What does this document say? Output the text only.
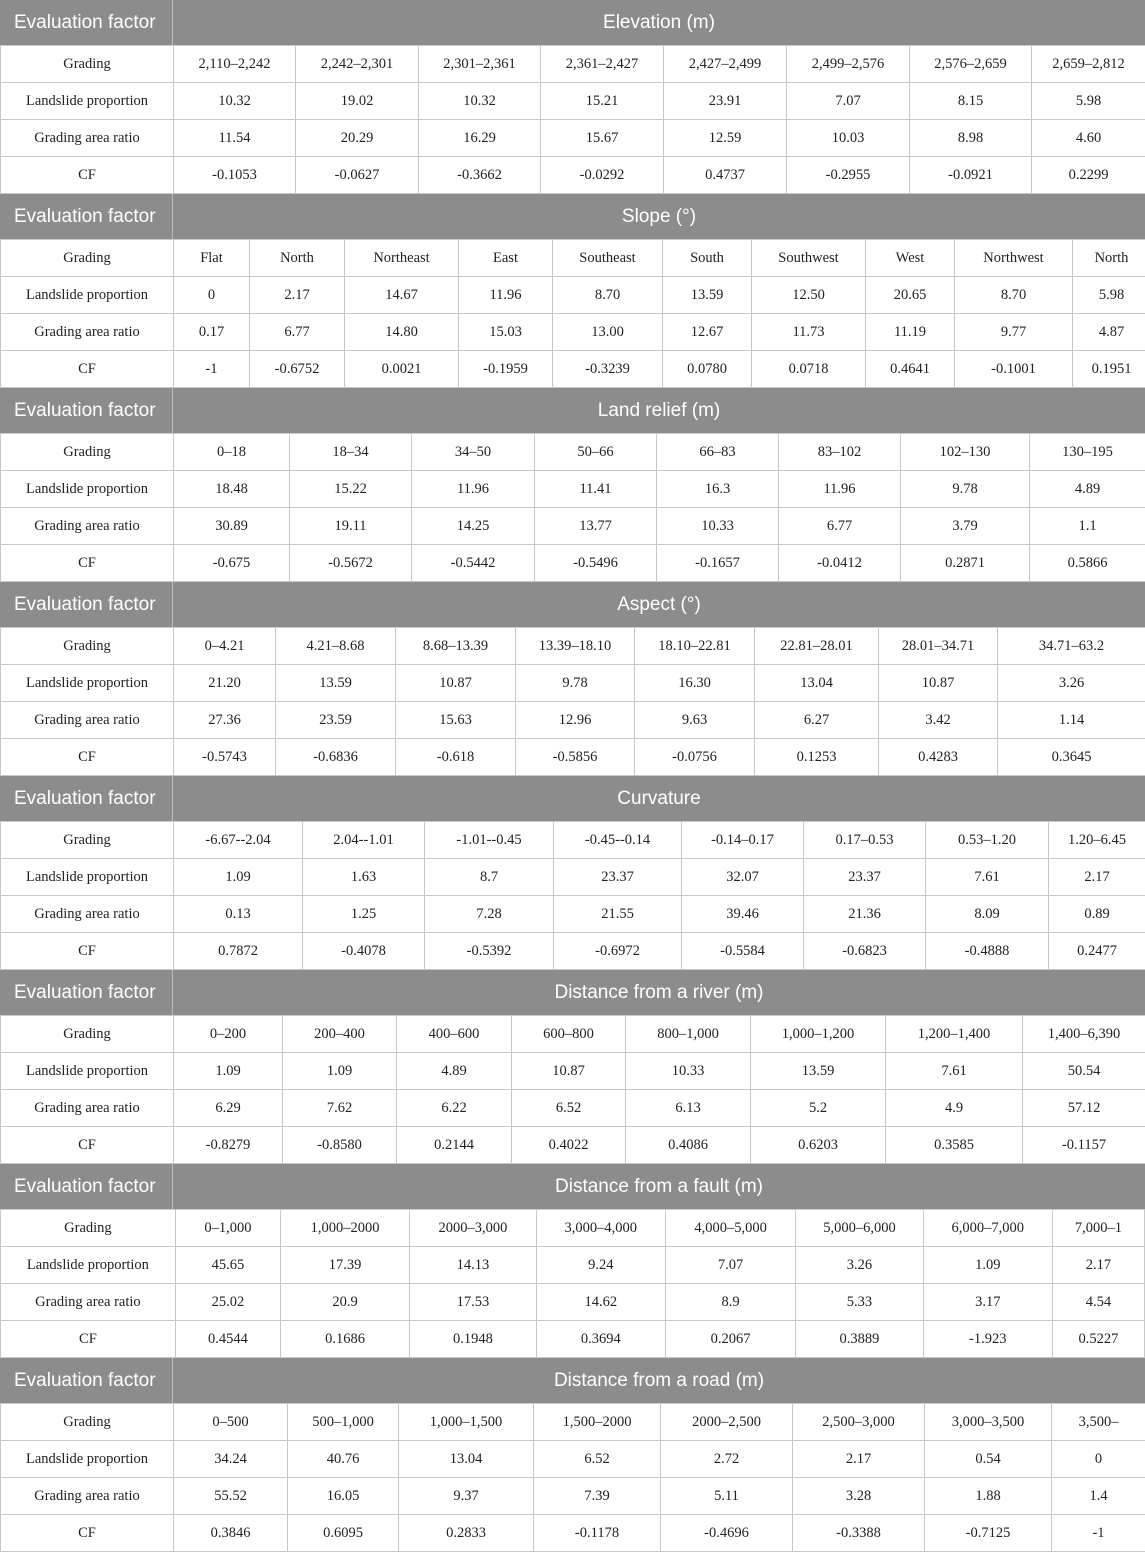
Evaluation factor	Elevation (m)
Grading	2,110–2,242	2,242–2,301	2,301–2,361	2,361–2,427	2,427–2,499	2,499–2,576	2,576–2,659	2,659–2,812
Landslide proportion	10.32	19.02	10.32	15.21	23.91	7.07	8.15	5.98
Grading area ratio	11.54	20.29	16.29	15.67	12.59	10.03	8.98	4.60
CF	-0.1053	-0.0627	-0.3662	-0.0292	0.4737	-0.2955	-0.0921	0.2299
Evaluation factor	Slope (°)
Grading	Flat	North	Northeast	East	Southeast	South	Southwest	West	Northwest	North
Landslide proportion	0	2.17	14.67	11.96	8.70	13.59	12.50	20.65	8.70	5.98
Grading area ratio	0.17	6.77	14.80	15.03	13.00	12.67	11.73	11.19	9.77	4.87
CF	-1	-0.6752	0.0021	-0.1959	-0.3239	0.0780	0.0718	0.4641	-0.1001	0.1951
Evaluation factor	Land relief (m)
Grading	0–18	18–34	34–50	50–66	66–83	83–102	102–130	130–195
Landslide proportion	18.48	15.22	11.96	11.41	16.3	11.96	9.78	4.89
Grading area ratio	30.89	19.11	14.25	13.77	10.33	6.77	3.79	1.1
CF	-0.675	-0.5672	-0.5442	-0.5496	-0.1657	-0.0412	0.2871	0.5866
Evaluation factor	Aspect (°)
Grading	0–4.21	4.21–8.68	8.68–13.39	13.39–18.10	18.10–22.81	22.81–28.01	28.01–34.71	34.71–63.2
Landslide proportion	21.20	13.59	10.87	9.78	16.30	13.04	10.87	3.26
Grading area ratio	27.36	23.59	15.63	12.96	9.63	6.27	3.42	1.14
CF	-0.5743	-0.6836	-0.618	-0.5856	-0.0756	0.1253	0.4283	0.3645
Evaluation factor	Curvature
Grading	-6.67--2.04	2.04--1.01	-1.01--0.45	-0.45--0.14	-0.14–0.17	0.17–0.53	0.53–1.20	1.20–6.45
Landslide proportion	1.09	1.63	8.7	23.37	32.07	23.37	7.61	2.17
Grading area ratio	0.13	1.25	7.28	21.55	39.46	21.36	8.09	0.89
CF	0.7872	-0.4078	-0.5392	-0.6972	-0.5584	-0.6823	-0.4888	0.2477
Evaluation factor	Distance from a river (m)
Grading	0–200	200–400	400–600	600–800	800–1,000	1,000–1,200	1,200–1,400	1,400–6,390
Landslide proportion	1.09	1.09	4.89	10.87	10.33	13.59	7.61	50.54
Grading area ratio	6.29	7.62	6.22	6.52	6.13	5.2	4.9	57.12
CF	-0.8279	-0.8580	0.2144	0.4022	0.4086	0.6203	0.3585	-0.1157
Evaluation factor	Distance from a fault (m)
Grading	0–1,000	1,000–2000	2000–3,000	3,000–4,000	4,000–5,000	5,000–6,000	6,000–7,000	7,000–1
Landslide proportion	45.65	17.39	14.13	9.24	7.07	3.26	1.09	2.17
Grading area ratio	25.02	20.9	17.53	14.62	8.9	5.33	3.17	4.54
CF	0.4544	0.1686	0.1948	0.3694	0.2067	0.3889	-1.923	0.5227
Evaluation factor	Distance from a road (m)
Grading	0–500	500–1,000	1,000–1,500	1,500–2000	2000–2,500	2,500–3,000	3,000–3,500	3,500–
Landslide proportion	34.24	40.76	13.04	6.52	2.72	2.17	0.54	0
Grading area ratio	55.52	16.05	9.37	7.39	5.11	3.28	1.88	1.4
CF	0.3846	0.6095	0.2833	-0.1178	-0.4696	-0.3388	-0.7125	-1
